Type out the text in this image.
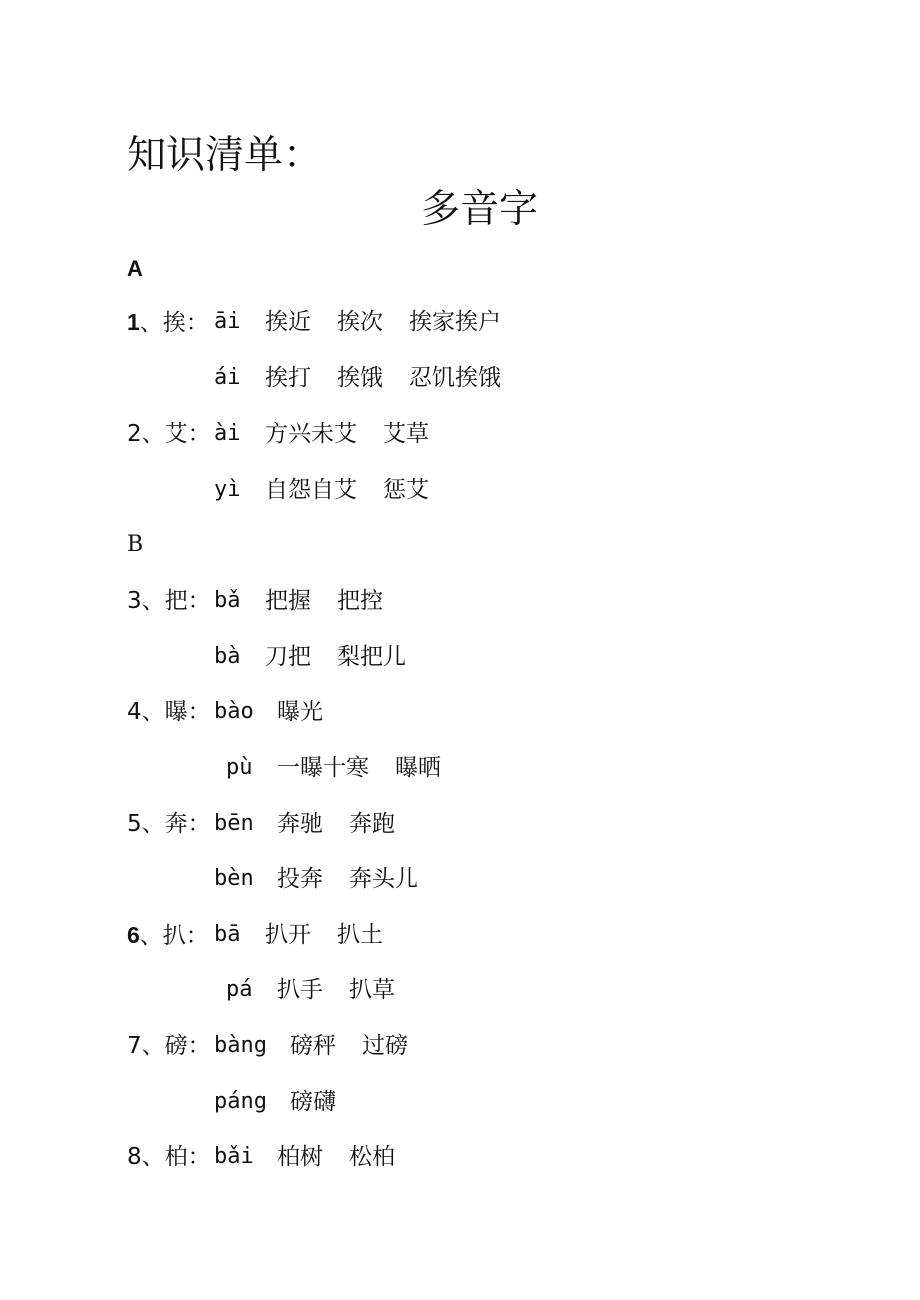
知识清单：
多音字
A
B
1、挨： āi 挨近 挨次 挨家挨户
ái 挨打 挨饿 忍饥挨饿
2、艾： ài 方兴未艾 艾草
yì 自怨自艾 惩艾
3、把： bǎ 把握 把控
bà 刀把 梨把儿
4、曝： bào 曝光
pù 一曝十寒 曝晒
5、奔： bēn 奔驰 奔跑
bèn 投奔 奔头儿
6、扒： bā 扒开 扒土
pá 扒手 扒草
7、磅： bàng 磅秤 过磅
páng 磅礴
8、柏： bǎi 柏树 松柏
